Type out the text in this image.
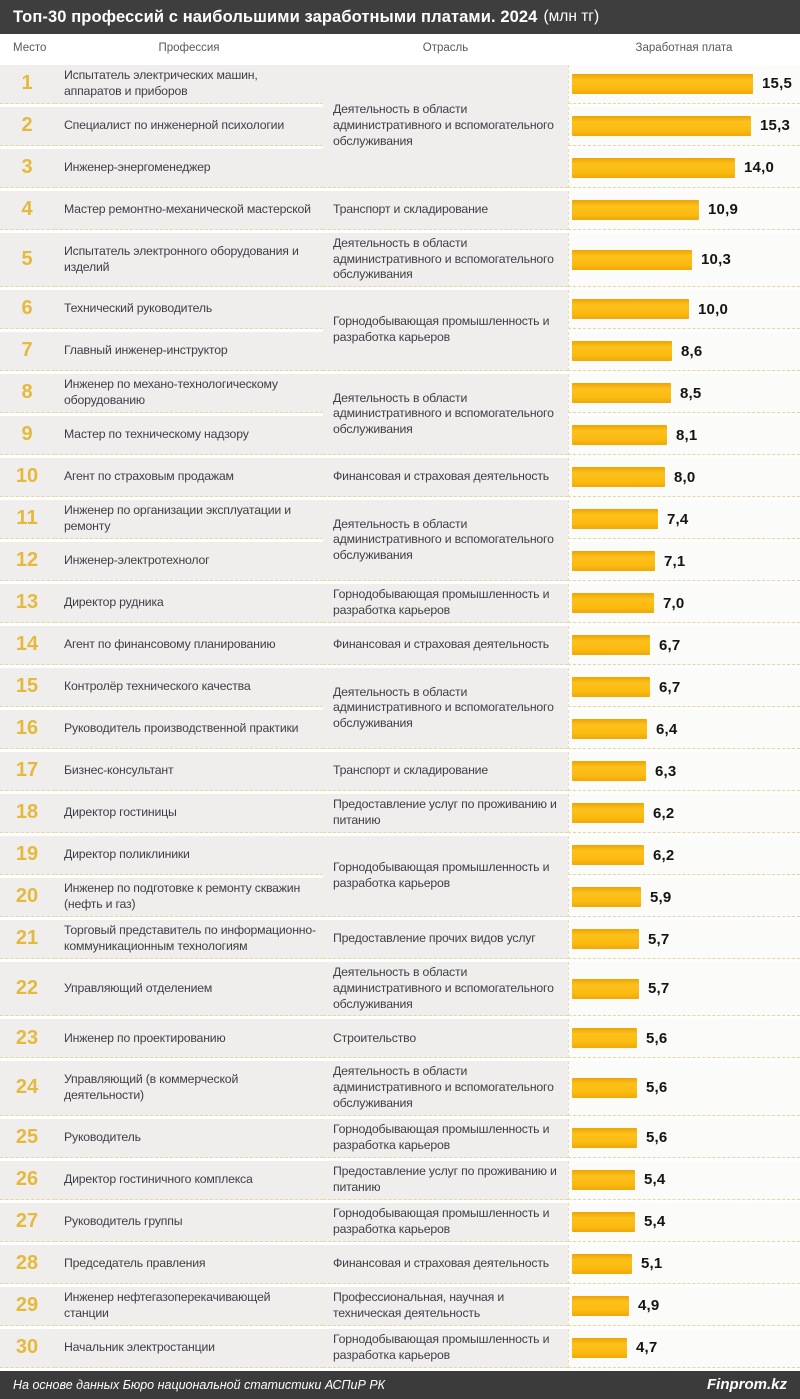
Топ-30 профессий с наибольшими заработными платами. 2024 (млн тг)
Место	Профессия	Отрасль	Заработная плата
1	Испытатель электрических машин, аппаратов и приборов	Деятельность в области административного и вспомогательного обслуживания	15,5

2	Специалист по инженерной психологии		15,3

3	Инженер-энергоменеджер		14,0

4	Мастер ремонтно-механической мастерской	Транспорт и складирование	10,9

5	Испытатель электронного оборудования и изделий	Деятельность в области административного и вспомогательного обслуживания	10,3

6	Технический руководитель	Горнодобывающая промышленность и разработка карьеров	10,0

7	Главный инженер-инструктор		8,6

8	Инженер по механо-технологическому оборудованию	Деятельность в области административного и вспомогательного обслуживания	8,5

9	Мастер по техническому надзору		8,1

10	Агент по страховым продажам	Финансовая и страховая деятельность	8,0

11	Инженер по организации эксплуатации и ремонту	Деятельность в области административного и вспомогательного обслуживания	7,4

12	Инженер-электротехнолог		7,1

13	Директор рудника	Горнодобывающая промышленность и разработка карьеров	7,0

14	Агент по финансовому планированию	Финансовая и страховая деятельность	6,7

15	Контролёр технического качества	Деятельность в области административного и вспомогательного обслуживания	6,7

16	Руководитель производственной практики		6,4

17	Бизнес-консультант	Транспорт и складирование	6,3

18	Директор гостиницы	Предоставление услуг по проживанию и питанию	6,2

19	Директор поликлиники	Горнодобывающая промышленность и разработка карьеров	6,2

20	Инженер по подготовке к ремонту скважин (нефть и газ)		5,9

21	Торговый представитель по информационно-коммуникационным технологиям	Предоставление прочих видов услуг	5,7

22	Управляющий отделением	Деятельность в области административного и вспомогательного обслуживания	5,7

23	Инженер по проектированию	Строительство	5,6

24	Управляющий (в коммерческой деятельности)	Деятельность в области административного и вспомогательного обслуживания	5,6

25	Руководитель	Горнодобывающая промышленность и разработка карьеров	5,6

26	Директор гостиничного комплекса	Предоставление услуг по проживанию и питанию	5,4

27	Руководитель группы	Горнодобывающая промышленность и разработка карьеров	5,4

28	Председатель правления	Финансовая и страховая деятельность	5,1

29	Инженер нефтегазоперекачивающей станции	Профессиональная, научная и техническая деятельность	4,9

30	Начальник электростанции	Горнодобывающая промышленность и разработка карьеров	4,7
На основе данных Бюро национальной статистики АСПиР РК	Finprom.kz
